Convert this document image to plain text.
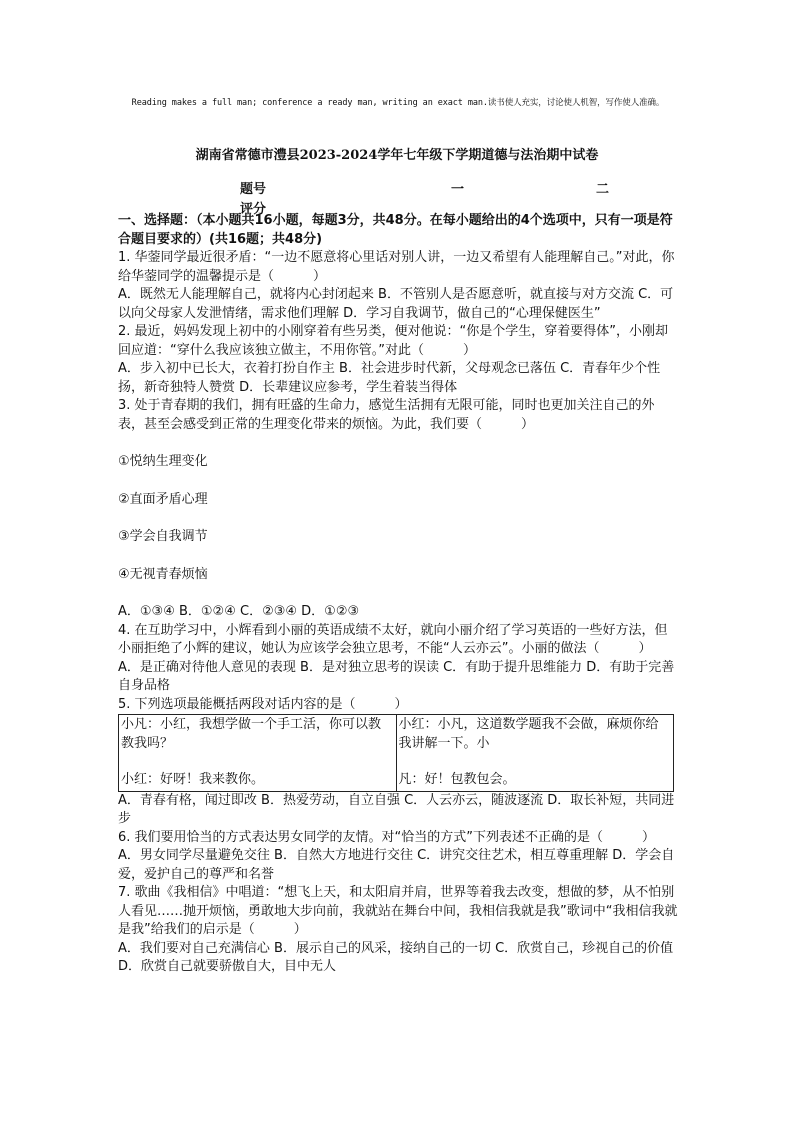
Reading makes a full man; conference a ready man, writing an exact man.读书使人充实，讨论使人机智，写作使人准确。
湖南省常德市澧县2023-2024学年七年级下学期道德与法治期中试卷
题号	一	二
评分

一、选择题：（本小题共16小题，每题3分，共48分。在每小题给出的4个选项中，只有一项是符合题目要求的）(共16题；共48分)

1. 华蓥同学最近很矛盾：“一边不愿意将心里话对别人讲，一边又希望有人能理解自己。”对此，你给华蓥同学的温馨提示是（　　　）

A．既然无人能理解自己，就将内心封闭起来 B．不管别人是否愿意听，就直接与对方交流 C．可以向父母家人发泄情绪，需求他们理解 D．学习自我调节，做自己的“心理保健医生”

2. 最近，妈妈发现上初中的小刚穿着有些另类，便对他说：“你是个学生，穿着要得体”，小刚却回应道：“穿什么我应该独立做主，不用你管。”对此（　　　）

A．步入初中已长大，衣着打扮自作主 B．社会进步时代新，父母观念已落伍 C．青春年少个性扬，新奇独特人赞赏 D．长辈建议应参考，学生着装当得体

3. 处于青春期的我们，拥有旺盛的生命力，感觉生活拥有无限可能，同时也更加关注自己的外表，甚至会感受到正常的生理变化带来的烦恼。为此，我们要（　　　）

①悦纳生理变化

②直面矛盾心理

③学会自我调节

④无视青春烦恼

A．①③④ B．①②④ C．②③④ D．①②③

4. 在互助学习中，小辉看到小丽的英语成绩不太好，就向小丽介绍了学习英语的一些好方法，但小丽拒绝了小辉的建议，她认为应该学会独立思考，不能“人云亦云”。小丽的做法（　　　）

A．是正确对待他人意见的表现 B．是对独立思考的误读 C．有助于提升思维能力 D．有助于完善自身品格

5. 下列选项最能概括两段对话内容的是（　　　）

小凡：小红，我想学做一个手工活，你可以教教我吗？
小红：好呀！我来教你。

小红：小凡，这道数学题我不会做，麻烦你给我讲解一下。小
凡：好！包教包会。

A．青春有格，闻过即改 B．热爱劳动，自立自强 C．人云亦云，随波逐流 D．取长补短，共同进步

6. 我们要用恰当的方式表达男女同学的友情。对“恰当的方式”下列表述不正确的是（　　　）

A．男女同学尽量避免交往 B．自然大方地进行交往 C．讲究交往艺术，相互尊重理解 D．学会自爱，爱护自己的尊严和名誉

7. 歌曲《我相信》中唱道：“想飞上天，和太阳肩并肩，世界等着我去改变，想做的梦，从不怕别人看见……抛开烦恼，勇敢地大步向前，我就站在舞台中间，我相信我就是我”歌词中“我相信我就是我”给我们的启示是（　　　）

A．我们要对自己充满信心 B．展示自己的风采，接纳自己的一切 C．欣赏自己，珍视自己的价值 D．欣赏自己就要骄傲自大，目中无人
